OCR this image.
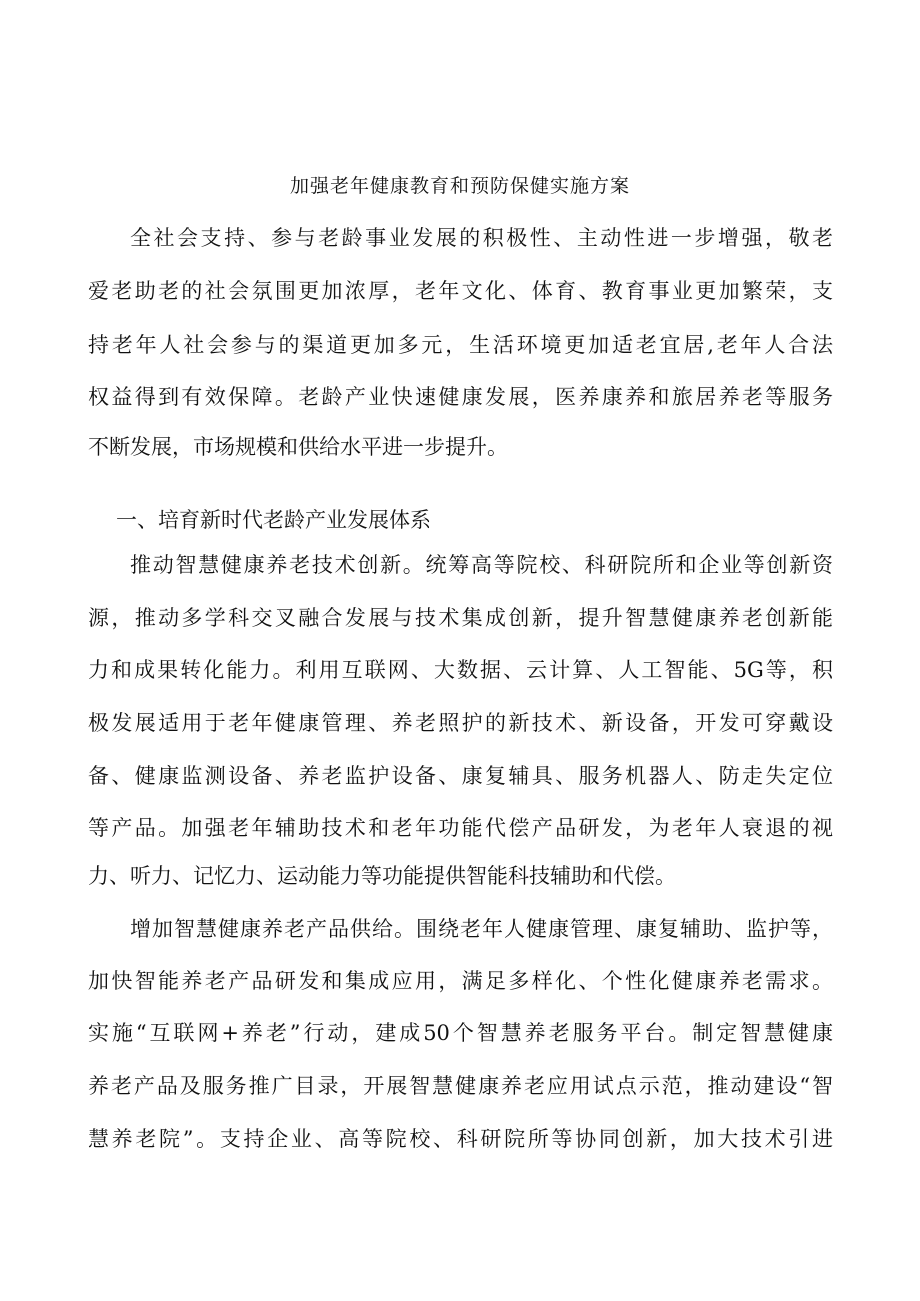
加强老年健康教育和预防保健实施方案
全社会支持、参与老龄事业发展的积极性、主动性进一步增强，敬老
爱老助老的社会氛围更加浓厚，老年文化、体育、教育事业更加繁荣，支
持老年人社会参与的渠道更加多元，生活环境更加适老宜居,老年人合法
权益得到有效保障。老龄产业快速健康发展，医养康养和旅居养老等服务
不断发展，市场规模和供给水平进一步提升。
一、培育新时代老龄产业发展体系
推动智慧健康养老技术创新。统筹高等院校、科研院所和企业等创新资
源，推动多学科交叉融合发展与技术集成创新，提升智慧健康养老创新能
力和成果转化能力。利用互联网、大数据、云计算、人工智能、5G等，积
极发展适用于老年健康管理、养老照护的新技术、新设备，开发可穿戴设
备、健康监测设备、养老监护设备、康复辅具、服务机器人、防走失定位
等产品。加强老年辅助技术和老年功能代偿产品研发，为老年人衰退的视
力、听力、记忆力、运动能力等功能提供智能科技辅助和代偿。
增加智慧健康养老产品供给。围绕老年人健康管理、康复辅助、监护等，
加快智能养老产品研发和集成应用，满足多样化、个性化健康养老需求。
实施“互联网+养老”行动，建成50个智慧养老服务平台。制定智慧健康
养老产品及服务推广目录，开展智慧健康养老应用试点示范，推动建设“智
慧养老院”。支持企业、高等院校、科研院所等协同创新，加大技术引进
